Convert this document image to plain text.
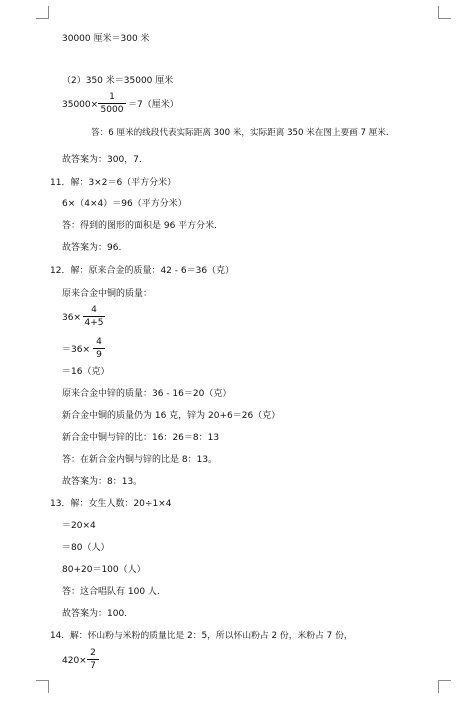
30000 厘米＝300 米
（2）350 米＝35000 厘米
35000×
1
5000 ＝7（厘米）
答：6 厘米的线段代表实际距离 300 米，实际距离 350 米在图上要画 7 厘米.
故答案为：300，7.
11．解：3×2＝6（平方分米）
6×（4×4）＝96（平方分米）
答：得到的图形的面积是 96 平方分米.
故答案为：96.
12．解：原来合金的质量：42 - 6＝36（克）
原来合金中铜的质量：
36×
4
4+5
＝36×
4
9
＝16（克）
原来合金中锌的质量：36 - 16＝20（克）
新合金中铜的质量仍为 16 克，锌为 20+6＝26（克）
新合金中铜与锌的比：16：26＝8：13
答：在新合金内铜与锌的比是 8：13。
故答案为：8：13。
13．解：女生人数：20÷1×4
＝20×4
＝80（人）
80+20＝100（人）
答：这合唱队有 100 人.
故答案为：100.
14．解：怀山粉与米粉的质量比是 2：5，所以怀山粉占 2 份，米粉占 7 份，
420×
2
7
